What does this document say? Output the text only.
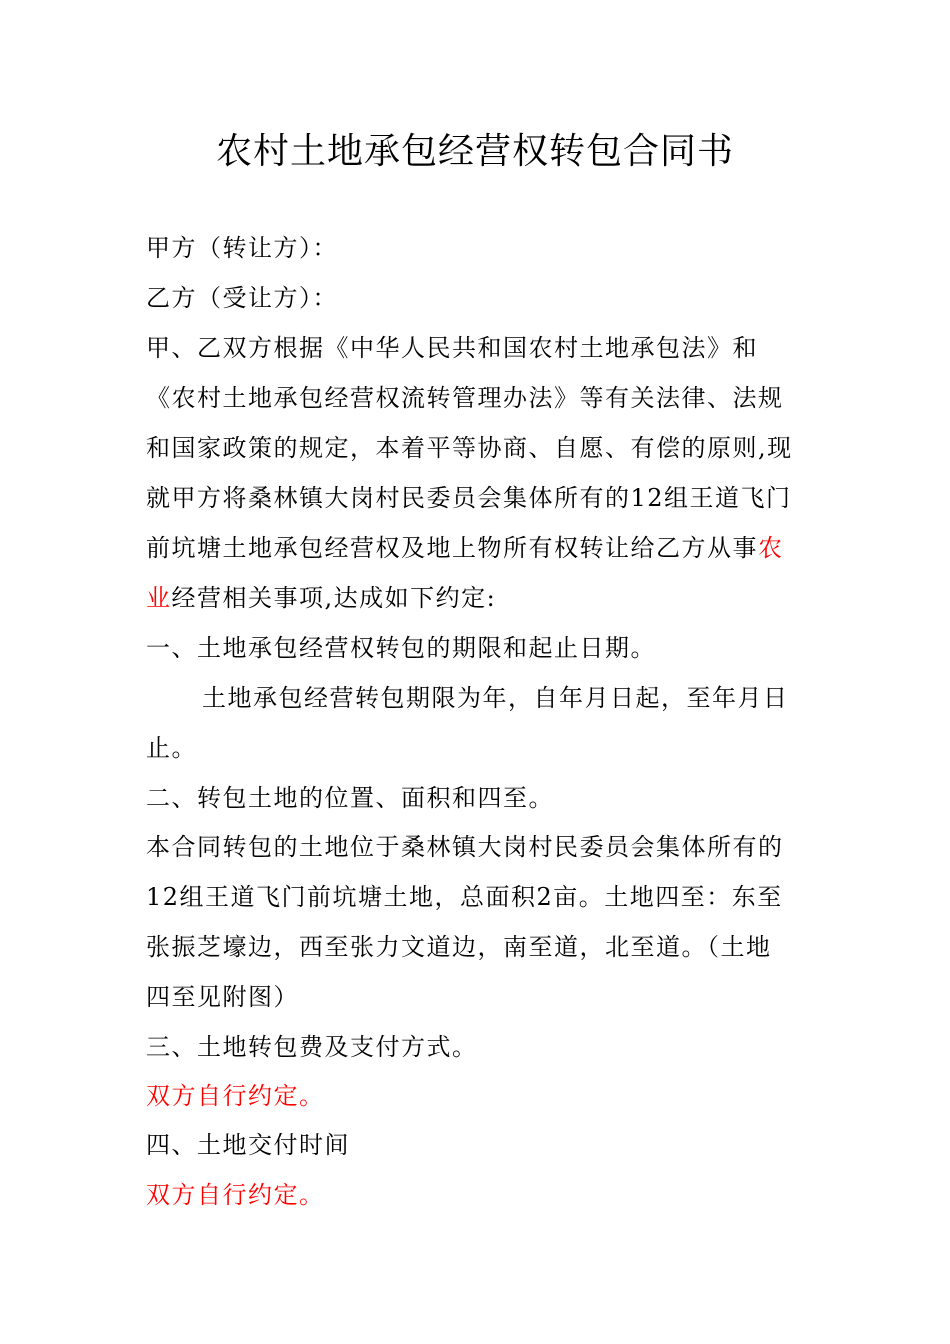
农村土地承包经营权转包合同书
甲方（转让方）：
乙方（受让方）：
甲、乙双方根据《中华人民共和国农村土地承包法》和
《农村土地承包经营权流转管理办法》等有关法律、法规
和国家政策的规定，本着平等协商、自愿、有偿的原则,现
就甲方将桑林镇大岗村民委员会集体所有的12组王道飞门
前坑塘土地承包经营权及地上物所有权转让给乙方从事农
业经营相关事项,达成如下约定:
一、土地承包经营权转包的期限和起止日期。
土地承包经营转包期限为年，自年月日起，至年月日
止。
二、转包土地的位置、面积和四至。
本合同转包的土地位于桑林镇大岗村民委员会集体所有的
12组王道飞门前坑塘土地，总面积2亩。土地四至：东至
张振芝壕边，西至张力文道边，南至道，北至道。（土地
四至见附图）
三、土地转包费及支付方式。
双方自行约定。
四、土地交付时间
双方自行约定。
